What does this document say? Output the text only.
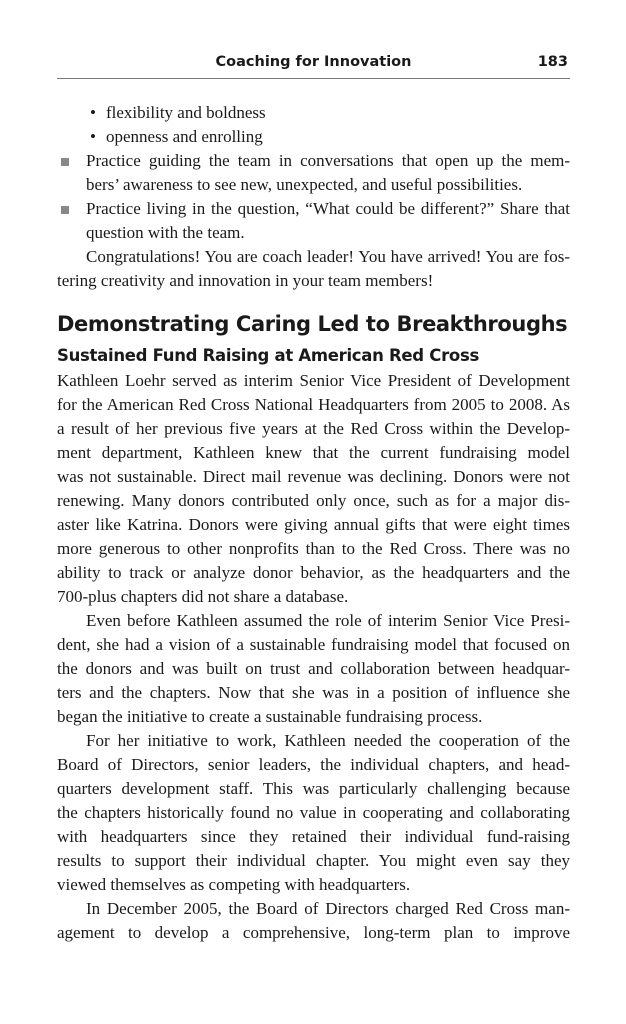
Coaching for Innovation	183
• flexibility and boldness
• openness and enrolling
Practice guiding the team in conversations that open up the mem-
bers’ awareness to see new, unexpected, and useful possibilities.
Practice living in the question, “What could be different?” Share that
question with the team.
Congratulations! You are coach leader! You have arrived! You are fos-
tering creativity and innovation in your team members!
Demonstrating Caring Led to Breakthroughs
Sustained Fund Raising at American Red Cross
Kathleen Loehr served as interim Senior Vice President of Development
for the American Red Cross National Headquarters from 2005 to 2008. As
a result of her previous five years at the Red Cross within the Develop-
ment department, Kathleen knew that the current fundraising model
was not sustainable. Direct mail revenue was declining. Donors were not
renewing. Many donors contributed only once, such as for a major dis-
aster like Katrina. Donors were giving annual gifts that were eight times
more generous to other nonprofits than to the Red Cross. There was no
ability to track or analyze donor behavior, as the headquarters and the
700-plus chapters did not share a database.
Even before Kathleen assumed the role of interim Senior Vice Presi-
dent, she had a vision of a sustainable fundraising model that focused on
the donors and was built on trust and collaboration between headquar-
ters and the chapters. Now that she was in a position of influence she
began the initiative to create a sustainable fundraising process.
For her initiative to work, Kathleen needed the cooperation of the
Board of Directors, senior leaders, the individual chapters, and head-
quarters development staff. This was particularly challenging because
the chapters historically found no value in cooperating and collaborating
with headquarters since they retained their individual fund-raising
results to support their individual chapter. You might even say they
viewed themselves as competing with headquarters.
In December 2005, the Board of Directors charged Red Cross man-
agement to develop a comprehensive, long-term plan to improve
